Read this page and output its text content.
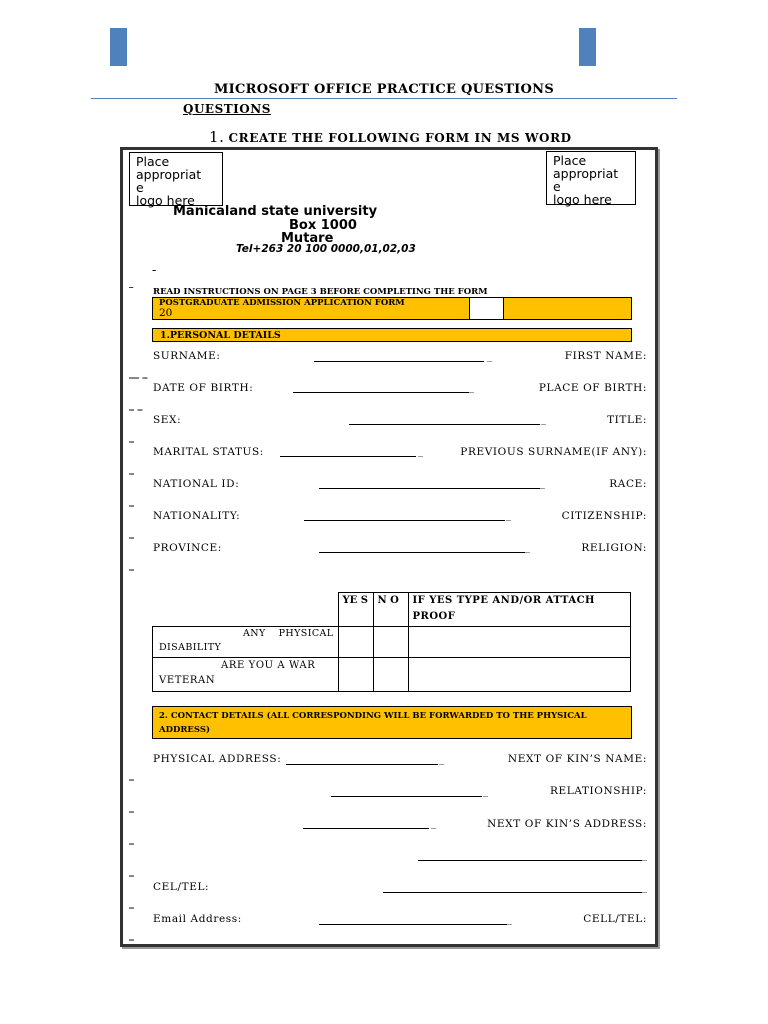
MICROSOFT OFFICE PRACTICE QUESTIONS
QUESTIONS
1. CREATE THE FOLLOWING FORM IN MS WORD
Place
appropriat
e
logo here
Place
appropriat
e
logo here
Manicaland state university
Box 1000
Mutare
Tel+263 20 100 0000,01,02,03
–
_
READ INSTRUCTIONS ON PAGE 3 BEFORE COMPLETING THE FORM
POSTGRADUATE ADMISSION APPLICATION FORM
20
1.PERSONAL DETAILS
SURNAME:	_	FIRST NAME:
__ _
DATE OF BIRTH:	_	PLACE OF BIRTH:
_ _
SEX:	_	TITLE:
_
MARITAL STATUS:	_	PREVIOUS SURNAME(IF ANY):
_
NATIONAL ID:	_	RACE:
_
NATIONALITY:	_	CITIZENSHIP:
_
PROVINCE:	_	RELIGION:
_
	YE S	N O	IF YES TYPE AND/OR ATTACH PROOF
ANY PHYSICAL DISABILITY			
ARE YOU A WAR VETERAN			
2. CONTACT DETAILS (ALL CORRESPONDING WILL BE FORWARDED TO THE PHYSICAL ADDRESS)
PHYSICAL ADDRESS:	_	NEXT OF KIN’S NAME:
_
_	RELATIONSHIP:
_
_	NEXT OF KIN’S ADDRESS:
_
_
_
CEL/TEL:	_
_
Email Address:	_	CELL/TEL:
_
